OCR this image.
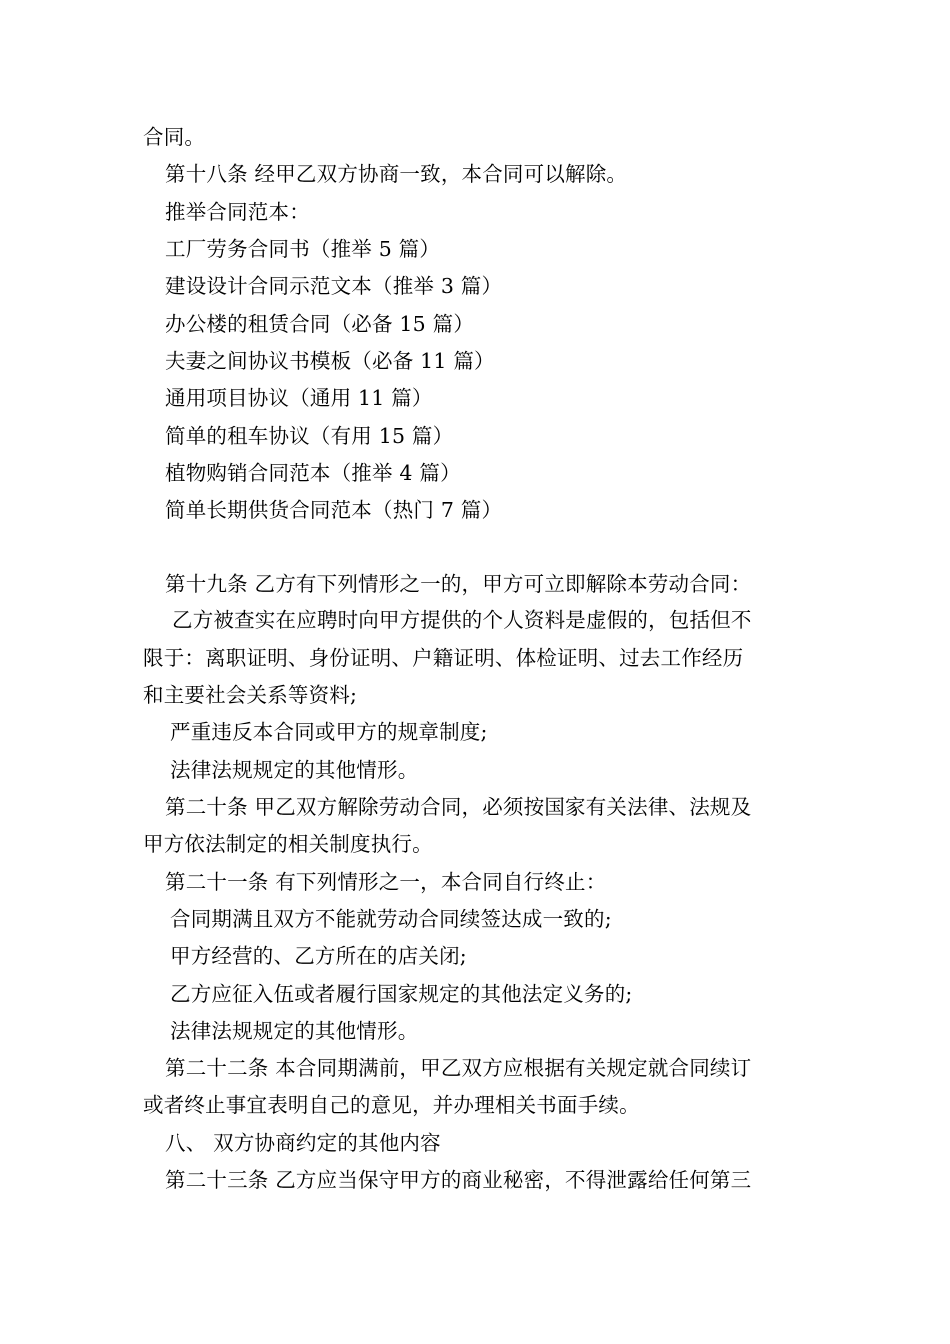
合同。
第十八条 经甲乙双方协商一致，本合同可以解除。
推举合同范本：
工厂劳务合同书（推举 5 篇）
建设设计合同示范文本（推举 3 篇）
办公楼的租赁合同（必备 15 篇）
夫妻之间协议书模板（必备 11 篇）
通用项目协议（通用 11 篇）
简单的租车协议（有用 15 篇）
植物购销合同范本（推举 4 篇）
简单长期供货合同范本（热门 7 篇）
第十九条 乙方有下列情形之一的，甲方可立即解除本劳动合同：
乙方被查实在应聘时向甲方提供的个人资料是虚假的，包括但不
限于：离职证明、身份证明、户籍证明、体检证明、过去工作经历
和主要社会关系等资料;
严重违反本合同或甲方的规章制度;
法律法规规定的其他情形。
第二十条 甲乙双方解除劳动合同，必须按国家有关法律、法规及
甲方依法制定的相关制度执行。
第二十一条 有下列情形之一，本合同自行终止：
合同期满且双方不能就劳动合同续签达成一致的;
甲方经营的、乙方所在的店关闭;
乙方应征入伍或者履行国家规定的其他法定义务的;
法律法规规定的其他情形。
第二十二条 本合同期满前，甲乙双方应根据有关规定就合同续订
或者终止事宜表明自己的意见，并办理相关书面手续。
八、 双方协商约定的其他内容
第二十三条 乙方应当保守甲方的商业秘密，不得泄露给任何第三
